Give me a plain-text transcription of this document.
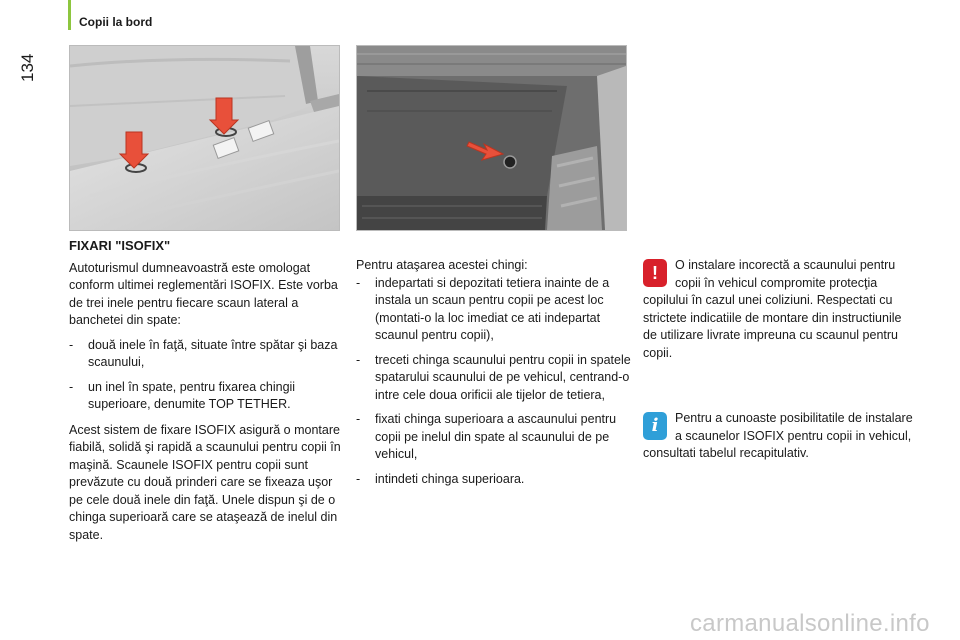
Copii la bord
134

FIXARI "ISOFIX"

Autoturismul dumneavoastră este omologat conform ultimei reglementări ISOFIX. Este vorba de trei inele pentru fiecare scaun lateral a banchetei din spate:

-	două inele în faţă, situate între spătar şi baza scaunului,
-	un inel în spate, pentru fixarea chingii superioare, denumite TOP TETHER.

Acest sistem de fixare ISOFIX asigură o montare fiabilă, solidă şi rapidă a scaunului pentru copii în maşină. Scaunele ISOFIX pentru copii sunt prevăzute cu două prinderi care se fixeaza uşor pe cele două inele din faţă. Unele dispun şi de o chinga superioară care se ataşează de inelul din spate.

Pentru ataşarea acestei chingi:

-	indepartati si depozitati tetiera inainte de a instala un scaun pentru copii pe acest loc (montati-o la loc imediat ce ati indepartat scaunul pentru copii),
-	treceti chinga scaunului pentru copii in spatele spatarului scaunului de pe vehicul, centrand-o intre cele doua orificii ale tijelor de tetiera,
-	fixati chinga superioara a ascaunului pentru copii pe inelul din spate al scaunului de pe vehicul,
-	intindeti chinga superioara.
!	O instalare incorectă a scaunului pentru copii în vehicul compromite protecţia copilului în cazul unei coliziuni. Respectati cu strictete indicatiile de montare din instructiunile de utilizare livrate impreuna cu scaunul pentru copii.
i	Pentru a cunoaste posibilitatile de instalare a scaunelor ISOFIX pentru copii in vehicul, consultati tabelul recapitulativ.
carmanualsonline.info
